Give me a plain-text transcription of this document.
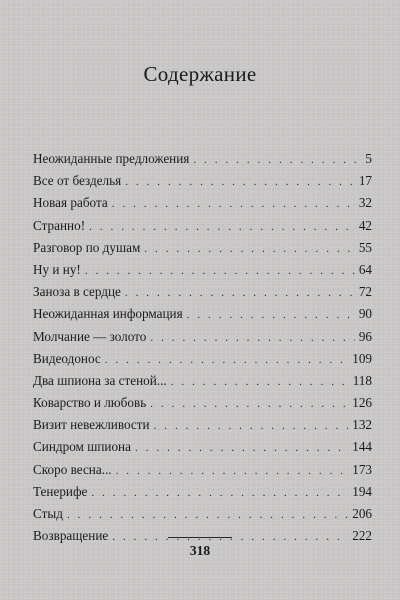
Содержание
Неожиданные предложения . . .	5
Все от безделья . . .	17
Новая работа . . .	32
Странно! . . .	42
Разговор по душам . . .	55
Ну и ну! . . .	64
Заноза в сердце . . .	72
Неожиданная информация . . .	90
Молчание — золото . . .	96
Видеодонос . . .	109
Два шпиона за стеной... . . .	118
Коварство и любовь . . .	126
Визит невежливости . . .	132
Синдром шпиона . . .	144
Скоро весна... . . .	173
Тенерифе . . .	194
Стыд . . .	206
Возвращение . . .	222
318
